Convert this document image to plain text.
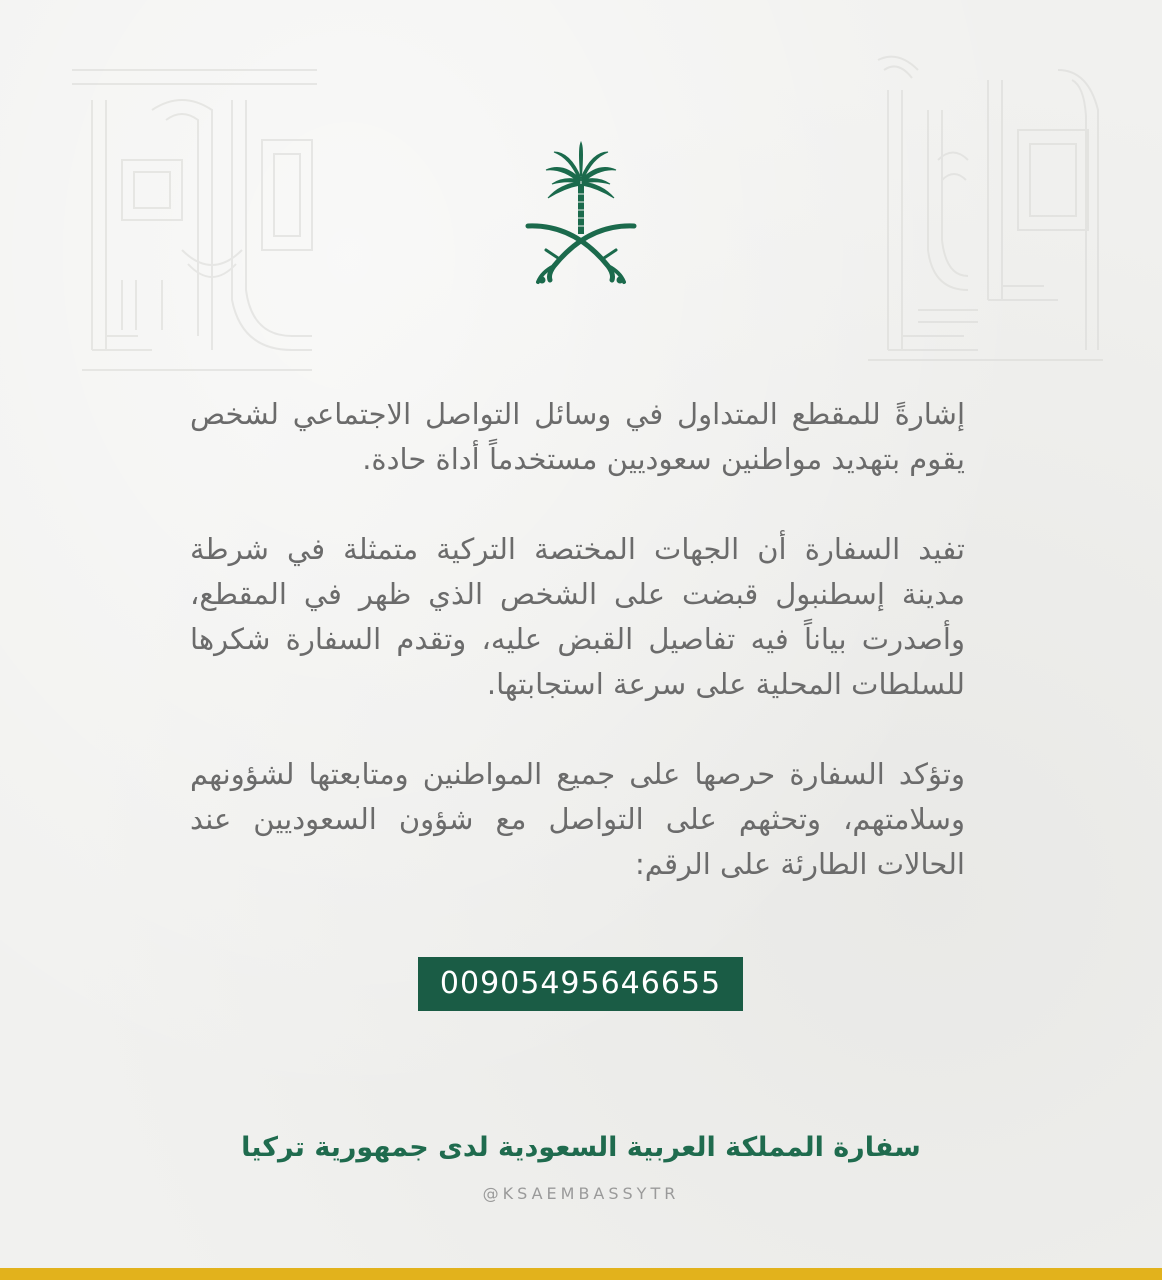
إشارةً للمقطع المتداول في وسائل التواصل الاجتماعي لشخص يقوم بتهديد مواطنين سعوديين مستخدماً أداة حادة.

تفيد السفارة أن الجهات المختصة التركية متمثلة في شرطة مدينة إسطنبول قبضت على الشخص الذي ظهر في المقطع، وأصدرت بياناً فيه تفاصيل القبض عليه، وتقدم السفارة شكرها للسلطات المحلية على سرعة استجابتها.

وتؤكد السفارة حرصها على جميع المواطنين ومتابعتها لشؤونهم وسلامتهم، وتحثهم على التواصل مع شؤون السعوديين عند الحالات الطارئة على الرقم:

00905495646655
سفارة المملكة العربية السعودية لدى جمهورية تركيا
@KSAEMBASSYTR
